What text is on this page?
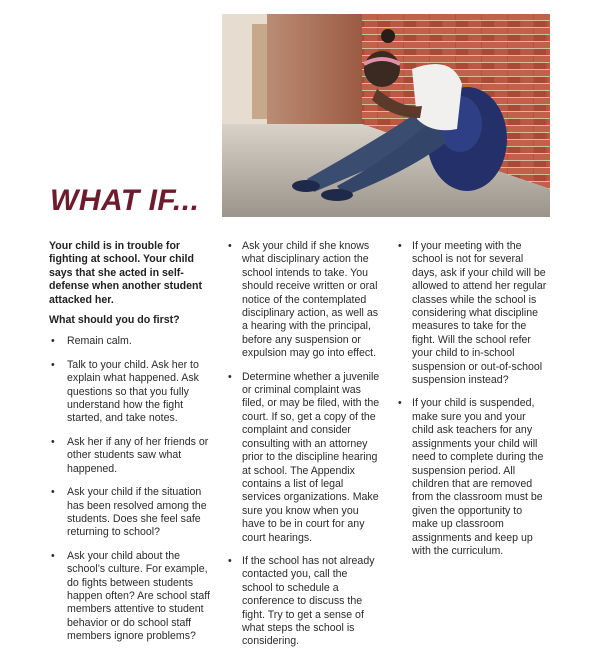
WHAT IF...

Your child is in trouble for fighting at school. Your child says that she acted in self-defense when another student attacked her.

What should you do first?

• Remain calm.
• Talk to your child. Ask her to explain what happened. Ask questions so that you fully understand how the fight started, and take notes.
• Ask her if any of her friends or other students saw what happened.
• Ask your child if the situation has been resolved among the students. Does she feel safe returning to school?
• Ask your child about the school’s culture. For example, do fights between students happen often? Are school staff members attentive to student behavior or do school staff members ignore problems?
• Ask your child if she knows what disciplinary action the school intends to take. You should receive written or oral notice of the contemplated disciplinary action, as well as a hearing with the principal, before any suspension or expulsion may go into effect.
• Determine whether a juvenile or criminal complaint was filed, or may be filed, with the court. If so, get a copy of the complaint and consider consulting with an attorney prior to the discipline hearing at school. The Appendix contains a list of legal services organizations. Make sure you know when you have to be in court for any court hearings.
• If the school has not already contacted you, call the school to schedule a conference to discuss the fight. Try to get a sense of what steps the school is considering.
• If your meeting with the school is not for several days, ask if your child will be allowed to attend her regular classes while the school is considering what discipline measures to take for the fight. Will the school refer your child to in-school suspension or out-of-school suspension instead?
• If your child is suspended, make sure you and your child ask teachers for any assignments your child will need to complete during the suspension period. All children that are removed from the classroom must be given the opportunity to make up classroom assignments and keep up with the curriculum.
